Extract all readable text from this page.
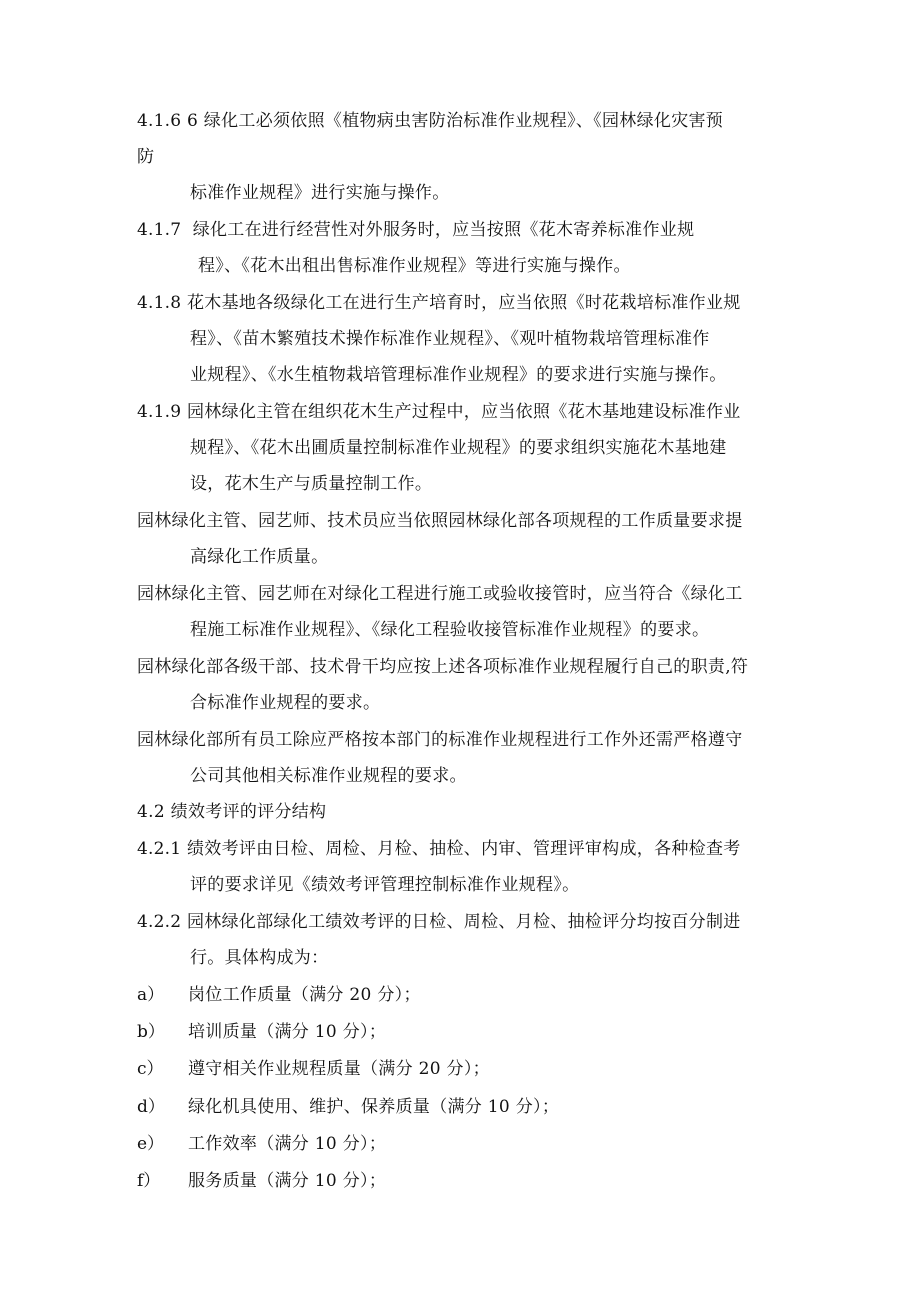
4.1.6 6 绿化工必须依照《植物病虫害防治标准作业规程》、《园林绿化灾害预
防
标准作业规程》进行实施与操作。
4.1.7 绿化工在进行经营性对外服务时，应当按照《花木寄养标准作业规
程》、《花木出租出售标准作业规程》等进行实施与操作。
4.1.8 花木基地各级绿化工在进行生产培育时，应当依照《时花栽培标准作业规
程》、《苗木繁殖技术操作标准作业规程》、《观叶植物栽培管理标准作
业规程》、《水生植物栽培管理标准作业规程》的要求进行实施与操作。
4.1.9 园林绿化主管在组织花木生产过程中，应当依照《花木基地建设标准作业
规程》、《花木出圃质量控制标准作业规程》的要求组织实施花木基地建
设，花木生产与质量控制工作。
园林绿化主管、园艺师、技术员应当依照园林绿化部各项规程的工作质量要求提
高绿化工作质量。
园林绿化主管、园艺师在对绿化工程进行施工或验收接管时，应当符合《绿化工
程施工标准作业规程》、《绿化工程验收接管标准作业规程》的要求。
园林绿化部各级干部、技术骨干均应按上述各项标准作业规程履行自己的职责,符
合标准作业规程的要求。
园林绿化部所有员工除应严格按本部门的标准作业规程进行工作外还需严格遵守
公司其他相关标准作业规程的要求。
4.2 绩效考评的评分结构
4.2.1 绩效考评由日检、周检、月检、抽检、内审、管理评审构成，各种检查考
评的要求详见《绩效考评管理控制标准作业规程》。
4.2.2 园林绿化部绿化工绩效考评的日检、周检、月检、抽检评分均按百分制进
行。具体构成为：
a） 岗位工作质量（满分 20 分）；
b） 培训质量（满分 10 分）；
c） 遵守相关作业规程质量（满分 20 分）；
d） 绿化机具使用、维护、保养质量（满分 10 分）；
e） 工作效率（满分 10 分）；
f） 服务质量（满分 10 分）；
